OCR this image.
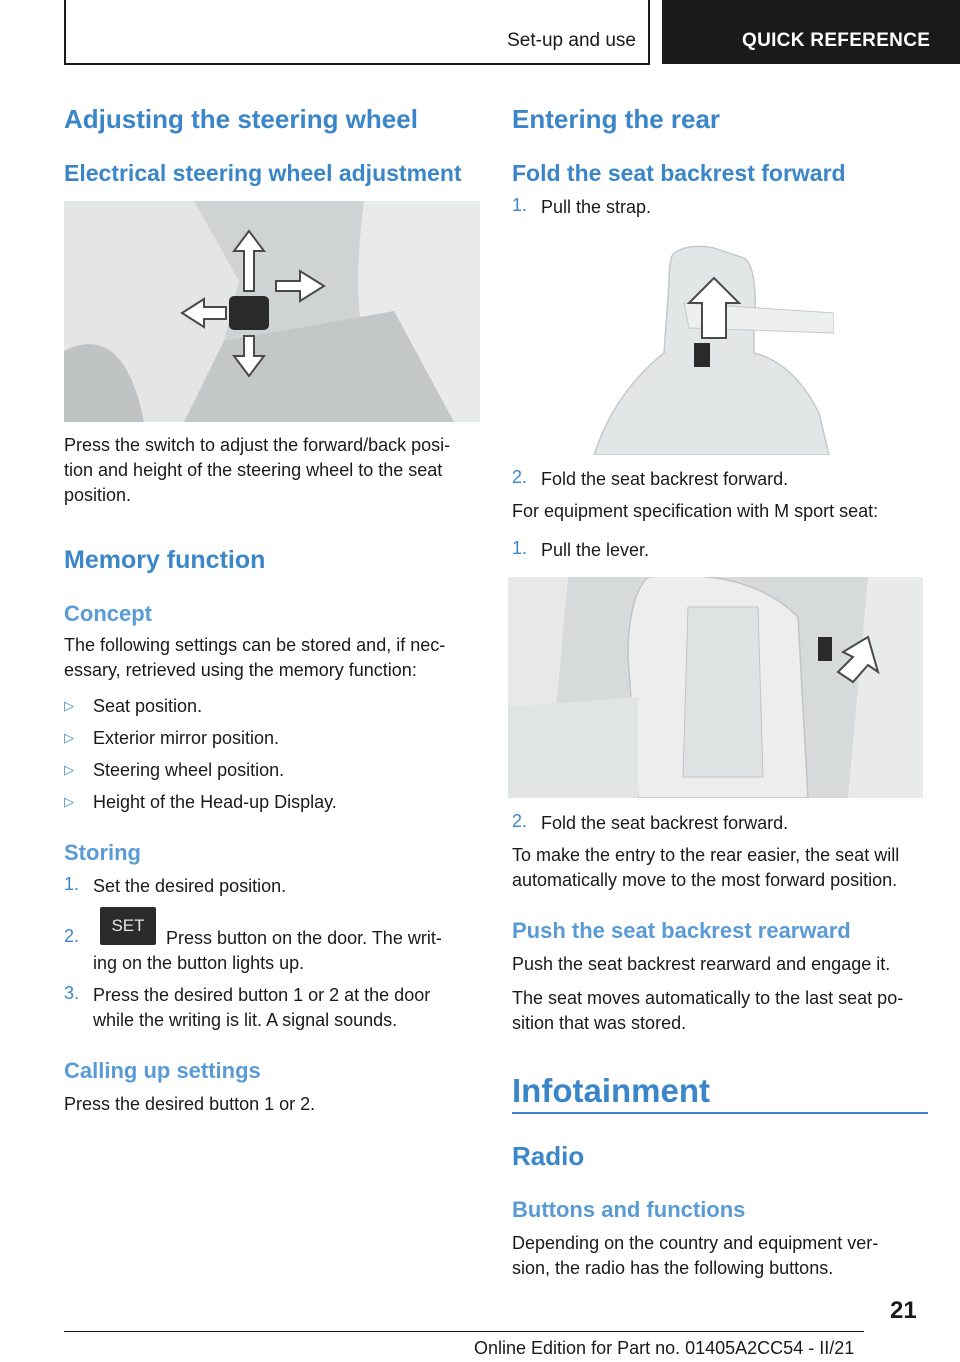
Set-up and use	QUICK REFERENCE
Adjusting the steering wheel
Electrical steering wheel adjustment
Press the switch to adjust the forward/back posi-
tion and height of the steering wheel to the seat
position.
Memory function
Concept
The following settings can be stored and, if nec-
essary, retrieved using the memory function:
▷ Seat position.
▷ Exterior mirror position.
▷ Steering wheel position.
▷ Height of the Head-up Display.
Storing
1. Set the desired position.
2.
SET
Press button on the door. The writ-
ing on the button lights up.
3. Press the desired button 1 or 2 at the door
while the writing is lit. A signal sounds.
Calling up settings
Press the desired button 1 or 2.
Entering the rear
Fold the seat backrest forward
1. Pull the strap.
2. Fold the seat backrest forward.
For equipment specification with M sport seat:
1. Pull the lever.
2. Fold the seat backrest forward.
To make the entry to the rear easier, the seat will
automatically move to the most forward position.
Push the seat backrest rearward
Push the seat backrest rearward and engage it.
The seat moves automatically to the last seat po-
sition that was stored.
Infotainment
Radio
Buttons and functions
Depending on the country and equipment ver-
sion, the radio has the following buttons.
21
Online Edition for Part no. 01405A2CC54 - II/21
